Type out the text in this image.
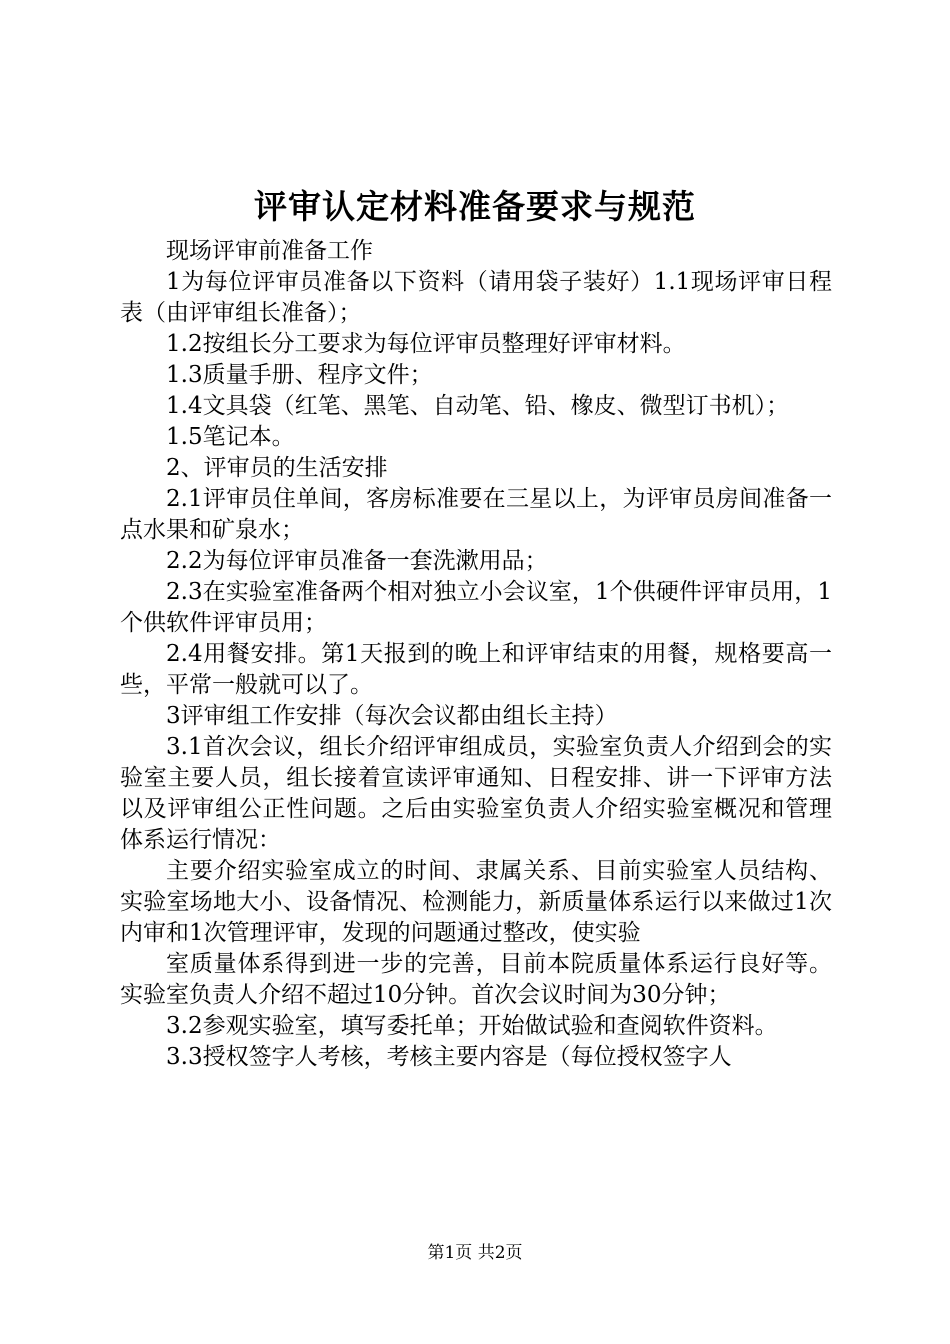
评审认定材料准备要求与规范

现场评审前准备工作

1为每位评审员准备以下资料（请用袋子装好）1.1现场评审日程表（由评审组长准备）；

1.2按组长分工要求为每位评审员整理好评审材料。

1.3质量手册、程序文件；

1.4文具袋（红笔、黑笔、自动笔、铅、橡皮、微型订书机）；

1.5笔记本。

2、评审员的生活安排

2.1评审员住单间，客房标准要在三星以上，为评审员房间准备一点水果和矿泉水；

2.2为每位评审员准备一套洗漱用品；

2.3在实验室准备两个相对独立小会议室，1个供硬件评审员用，1个供软件评审员用；

2.4用餐安排。第1天报到的晚上和评审结束的用餐，规格要高一些，平常一般就可以了。

3评审组工作安排（每次会议都由组长主持）

3.1首次会议，组长介绍评审组成员，实验室负责人介绍到会的实验室主要人员，组长接着宣读评审通知、日程安排、讲一下评审方法以及评审组公正性问题。之后由实验室负责人介绍实验室概况和管理体系运行情况：

主要介绍实验室成立的时间、隶属关系、目前实验室人员结构、实验室场地大小、设备情况、检测能力，新质量体系运行以来做过1次内审和1次管理评审，发现的问题通过整改，使实验

室质量体系得到进一步的完善，目前本院质量体系运行良好等。实验室负责人介绍不超过10分钟。首次会议时间为30分钟；

3.2参观实验室，填写委托单；开始做试验和查阅软件资料。

3.3授权签字人考核，考核主要内容是（每位授权签字人

第1页 共2页
